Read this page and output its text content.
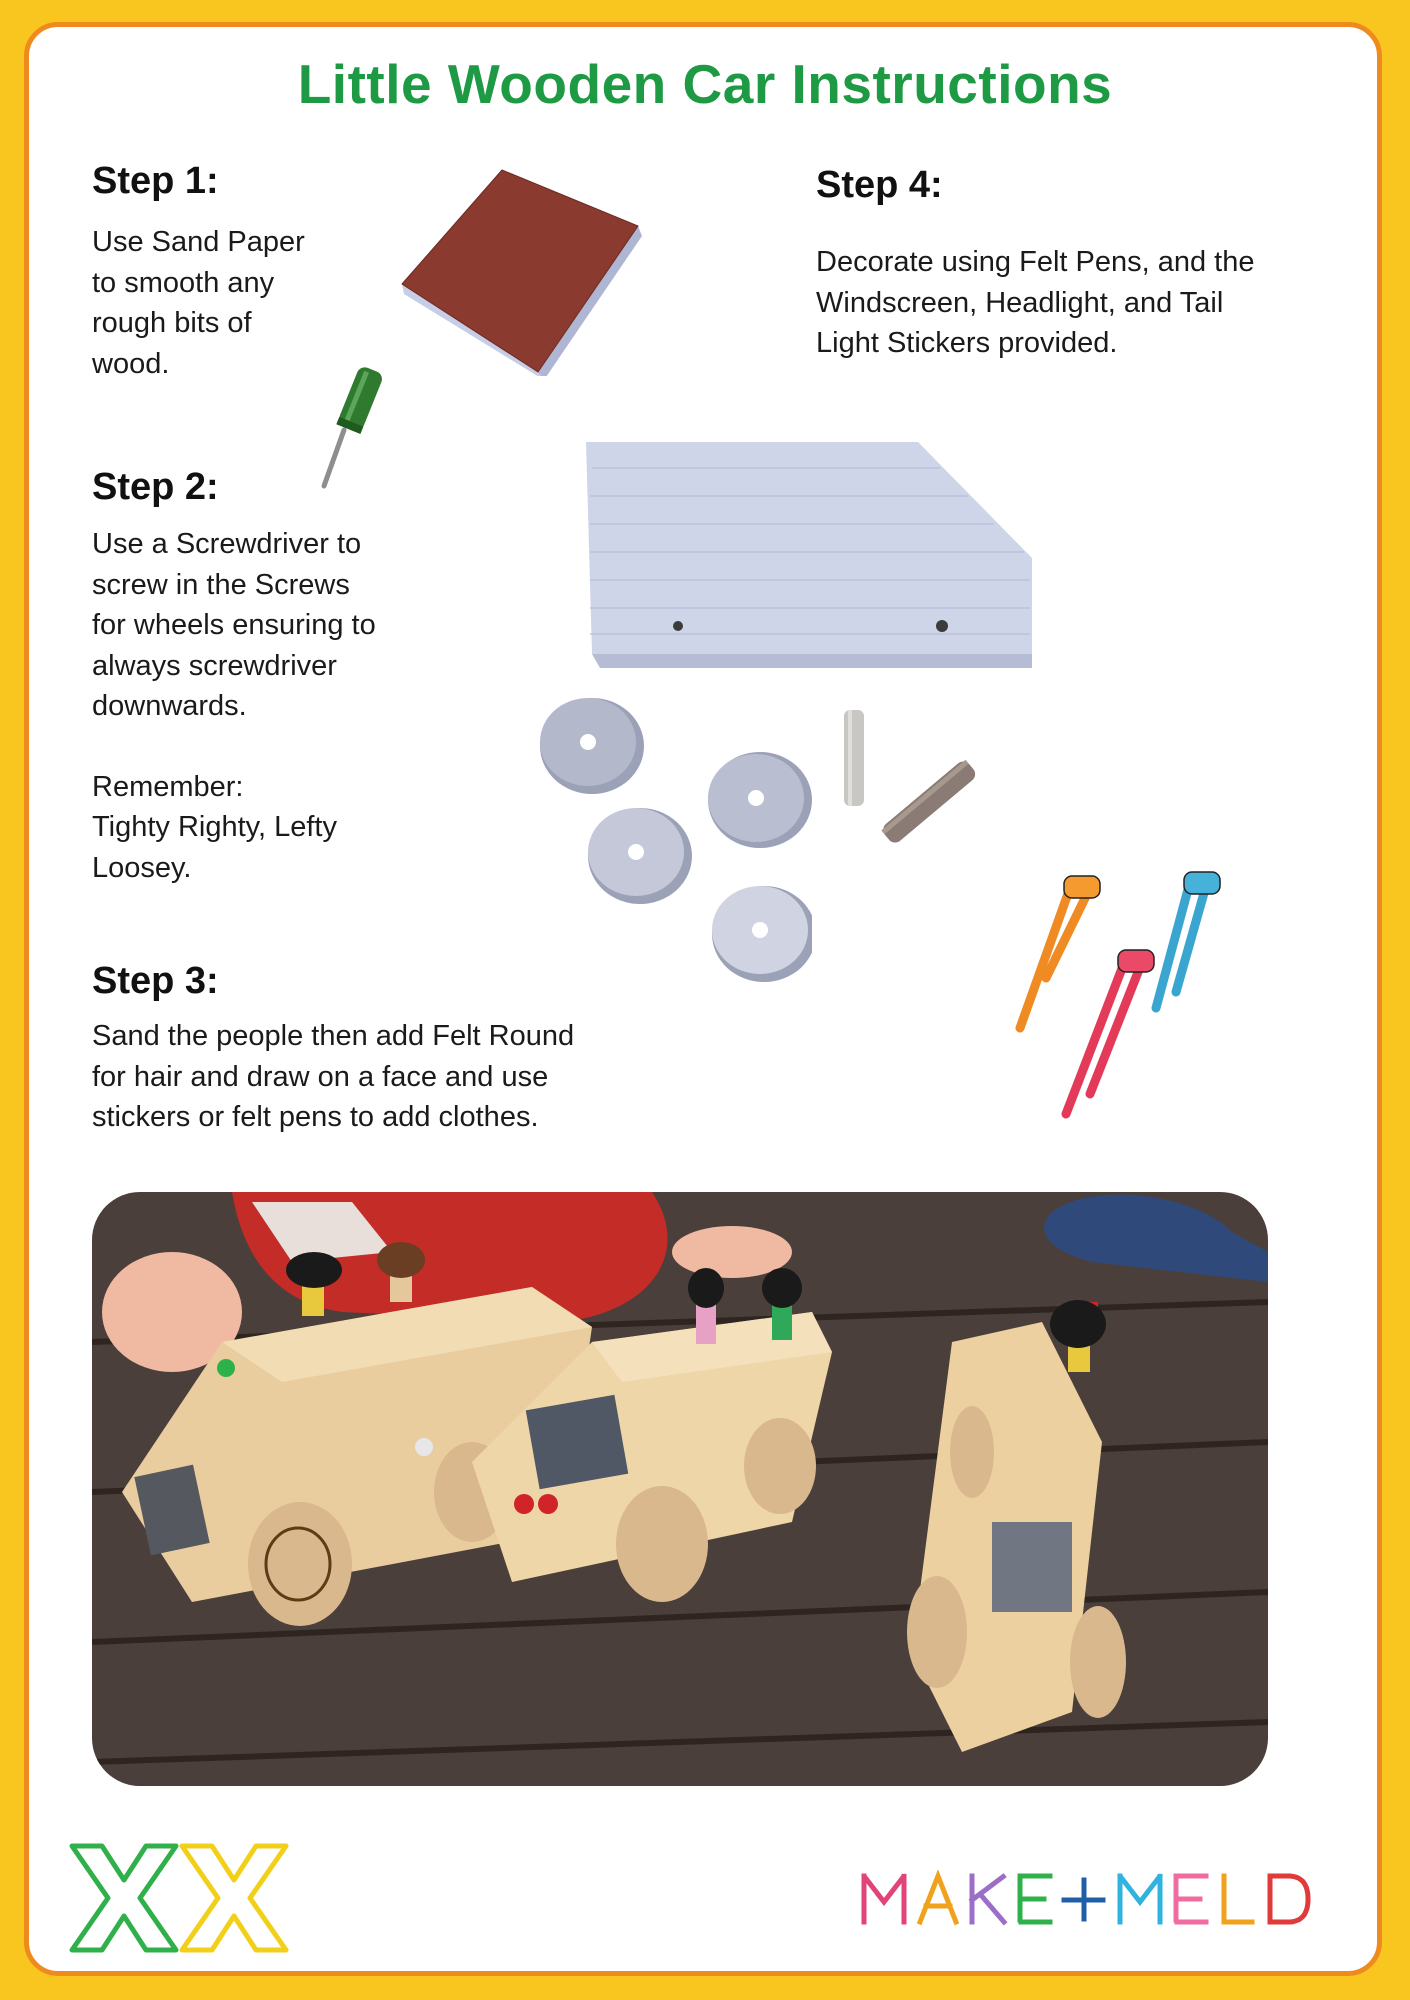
Little Wooden Car Instructions
Step 1:
Use Sand Paper
to smooth any
rough bits of
wood.
Step 2:
Use a Screwdriver to
screw in the Screws
for wheels ensuring to
always screwdriver
downwards.
Remember:
Tighty Righty, Lefty
Loosey.
Step 3:
Sand the people then add Felt Round
for hair and draw on a face and use
stickers or felt pens to add clothes.
Step 4:
Decorate using Felt Pens, and the
Windscreen, Headlight, and Tail
Light Stickers provided.
